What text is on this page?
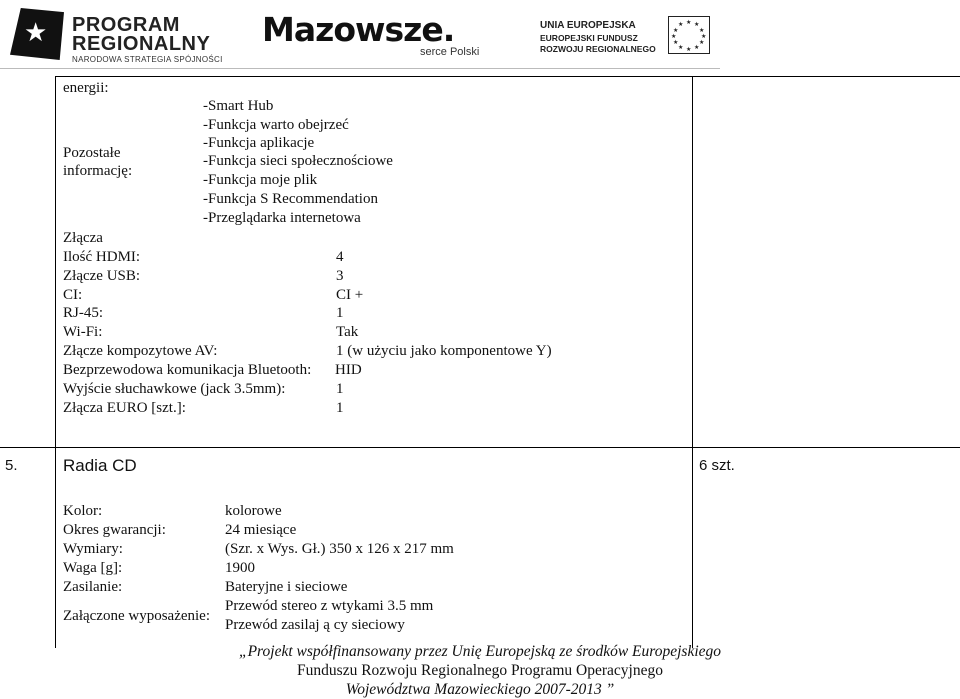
★ PROGRAM
REGIONALNY
NARODOWA STRATEGIA SPÓJNOŚCI
Mazowsze.
serce Polski
UNIA EUROPEJSKA
EUROPEJSKI FUNDUSZ
ROZWOJU REGIONALNEGO
★ ★
★
★
★
★
★
★
★
★
★
★
energii:
Pozostałe
informację:
-Smart Hub
-Funkcja warto obejrzeć
-Funkcja aplikacje
-Funkcja sieci społecznościowe
-Funkcja moje plik
-Funkcja S Recommendation
-Przeglądarka internetowa
Złącza
Ilość HDMI:	4
Złącze USB:	3
CI:	CI +
RJ-45:	1
Wi-Fi:	Tak
Złącze kompozytowe AV:	1 (w użyciu jako komponentowe Y)
Bezprzewodowa komunikacja Bluetooth: HID
Wyjście słuchawkowe (jack 3.5mm):	1
Złącza EURO [szt.]:	1
5.	Radia CD	6 szt.
Kolor:	kolorowe
Okres gwarancji:	24 miesiące
Wymiary:	(Szr. x Wys. Gł.) 350 x 126 x 217 mm
Waga [g]:	1900
Zasilanie:	Bateryjne i sieciowe
Załączone wyposażenie:
Przewód stereo z wtykami 3.5 mm
Przewód zasilaj ą cy sieciowy
„Projekt współfinansowany przez Unię Europejską ze środków Europejskiego
Funduszu Rozwoju Regionalnego Programu Operacyjnego
Województwa Mazowieckiego 2007-2013 ”
